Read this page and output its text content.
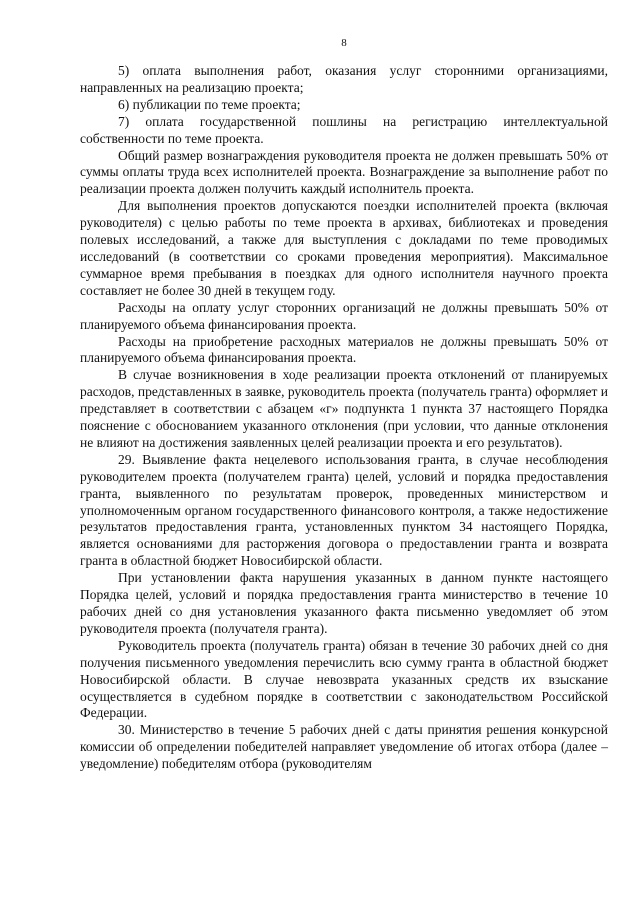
8

5) оплата выполнения работ, оказания услуг сторонними организациями, направленных на реализацию проекта;

6) публикации по теме проекта;

7) оплата государственной пошлины на регистрацию интеллектуальной собственности по теме проекта.

Общий размер вознаграждения руководителя проекта не должен превышать 50% от суммы оплаты труда всех исполнителей проекта. Вознаграждение за выполнение работ по реализации проекта должен получить каждый исполнитель проекта.

Для выполнения проектов допускаются поездки исполнителей проекта (включая руководителя) с целью работы по теме проекта в архивах, библиотеках и проведения полевых исследований, а также для выступления с докладами по теме проводимых исследований (в соответствии со сроками проведения мероприятия). Максимальное суммарное время пребывания в поездках для одного исполнителя научного проекта составляет не более 30 дней в текущем году.

Расходы на оплату услуг сторонних организаций не должны превышать 50% от планируемого объема финансирования проекта.

Расходы на приобретение расходных материалов не должны превышать 50% от планируемого объема финансирования проекта.

В случае возникновения в ходе реализации проекта отклонений от планируемых расходов, представленных в заявке, руководитель проекта (получатель гранта) оформляет и представляет в соответствии с абзацем «г» подпункта 1 пункта 37 настоящего Порядка пояснение с обоснованием указанного отклонения (при условии, что данные отклонения не влияют на достижения заявленных целей реализации проекта и его результатов).

29. Выявление факта нецелевого использования гранта, в случае несоблюдения руководителем проекта (получателем гранта) целей, условий и порядка предоставления гранта, выявленного по результатам проверок, проведенных министерством и уполномоченным органом государственного финансового контроля, а также недостижение результатов предоставления гранта, установленных пунктом 34 настоящего Порядка, является основаниями для расторжения договора о предоставлении гранта и возврата гранта в областной бюджет Новосибирской области.

При установлении факта нарушения указанных в данном пункте настоящего Порядка целей, условий и порядка предоставления гранта министерство в течение 10 рабочих дней со дня установления указанного факта письменно уведомляет об этом руководителя проекта (получателя гранта).

Руководитель проекта (получатель гранта) обязан в течение 30 рабочих дней со дня получения письменного уведомления перечислить всю сумму гранта в областной бюджет Новосибирской области. В случае невозврата указанных средств их взыскание осуществляется в судебном порядке в соответствии с законодательством Российской Федерации.

30. Министерство в течение 5 рабочих дней с даты принятия решения конкурсной комиссии об определении победителей направляет уведомление об итогах отбора (далее – уведомление) победителям отбора (руководителям
